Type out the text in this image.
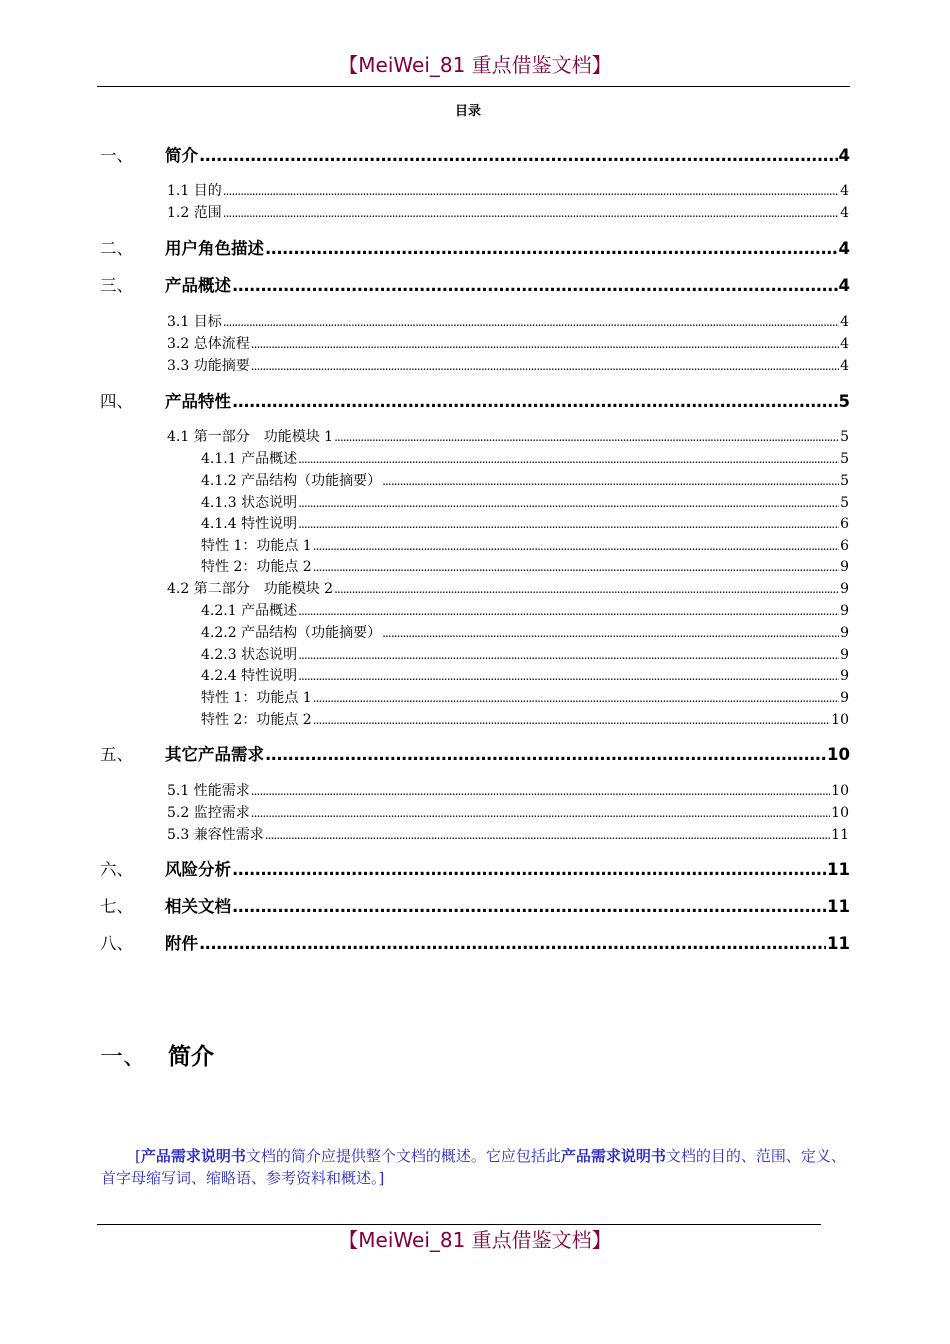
【MeiWei_81 重点借鉴文档】
目录
一、	简介 .....	4
1.1 目的 .....	4
1.2 范围 .....	4
二、	用户角色描述 .....	4
三、	产品概述 .....	4
3.1 目标 .....	4
3.2 总体流程 .....	4
3.3 功能摘要 .....	4
四、	产品特性 .....	5
4.1 第一部分　功能模块 1 .....	5
4.1.1 产品概述 .....	5
4.1.2 产品结构（功能摘要） .....	5
4.1.3 状态说明 .....	5
4.1.4 特性说明 .....	6
特性 1：功能点 1 .....	6
特性 2：功能点 2 .....	9
4.2 第二部分　功能模块 2 .....	9
4.2.1 产品概述 .....	9
4.2.2 产品结构（功能摘要） .....	9
4.2.3 状态说明 .....	9
4.2.4 特性说明 .....	9
特性 1：功能点 1 .....	9
特性 2：功能点 2 .....	10
五、	其它产品需求 .....	10
5.1 性能需求 .....	10
5.2 监控需求 .....	10
5.3 兼容性需求 .....	11
六、	风险分析 .....	11
七、	相关文档 .....	11
八、	附件 .....	11
一、 简介

[产品需求说明书文档的简介应提供整个文档的概述。它应包括此产品需求说明书文档的目的、范围、定义、首字母缩写词、缩略语、参考资料和概述。]

【MeiWei_81 重点借鉴文档】
